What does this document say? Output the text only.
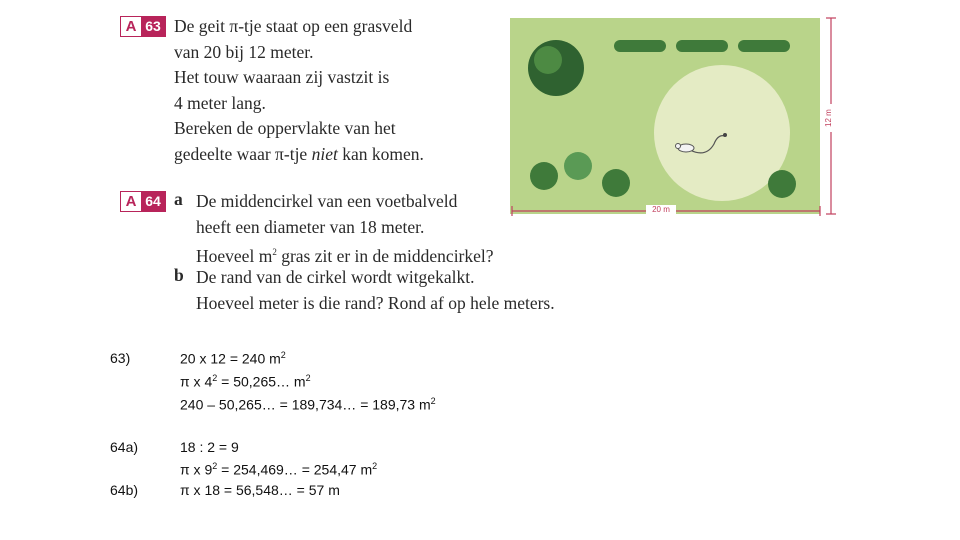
A 63 De geit π-tje staat op een grasveld
van 20 bij 12 meter.
Het touw waaraan zij vastzit is
4 meter lang.
Bereken de oppervlakte van het
gedeelte waar π-tje niet kan komen.
12 m
20 m
A 64 a De middencirkel van een voetbalveld
heeft een diameter van 18 meter.
Hoeveel $m^2$ gras zit er in de middencirkel?
b De rand van de cirkel wordt witgekalkt.
Hoeveel meter is die rand? Rond af op hele meters.
63)	20 x 12 = 240 $m^2$
π x $4^2$ = 50,265… $m^2$
240 – 50,265… = 189,734… = 189,73 $m^2$
64a)	18 : 2 = 9
π x $9^2$ = 254,469… = 254,47 $m^2$
64b)	π x 18 = 56,548… = 57 m
